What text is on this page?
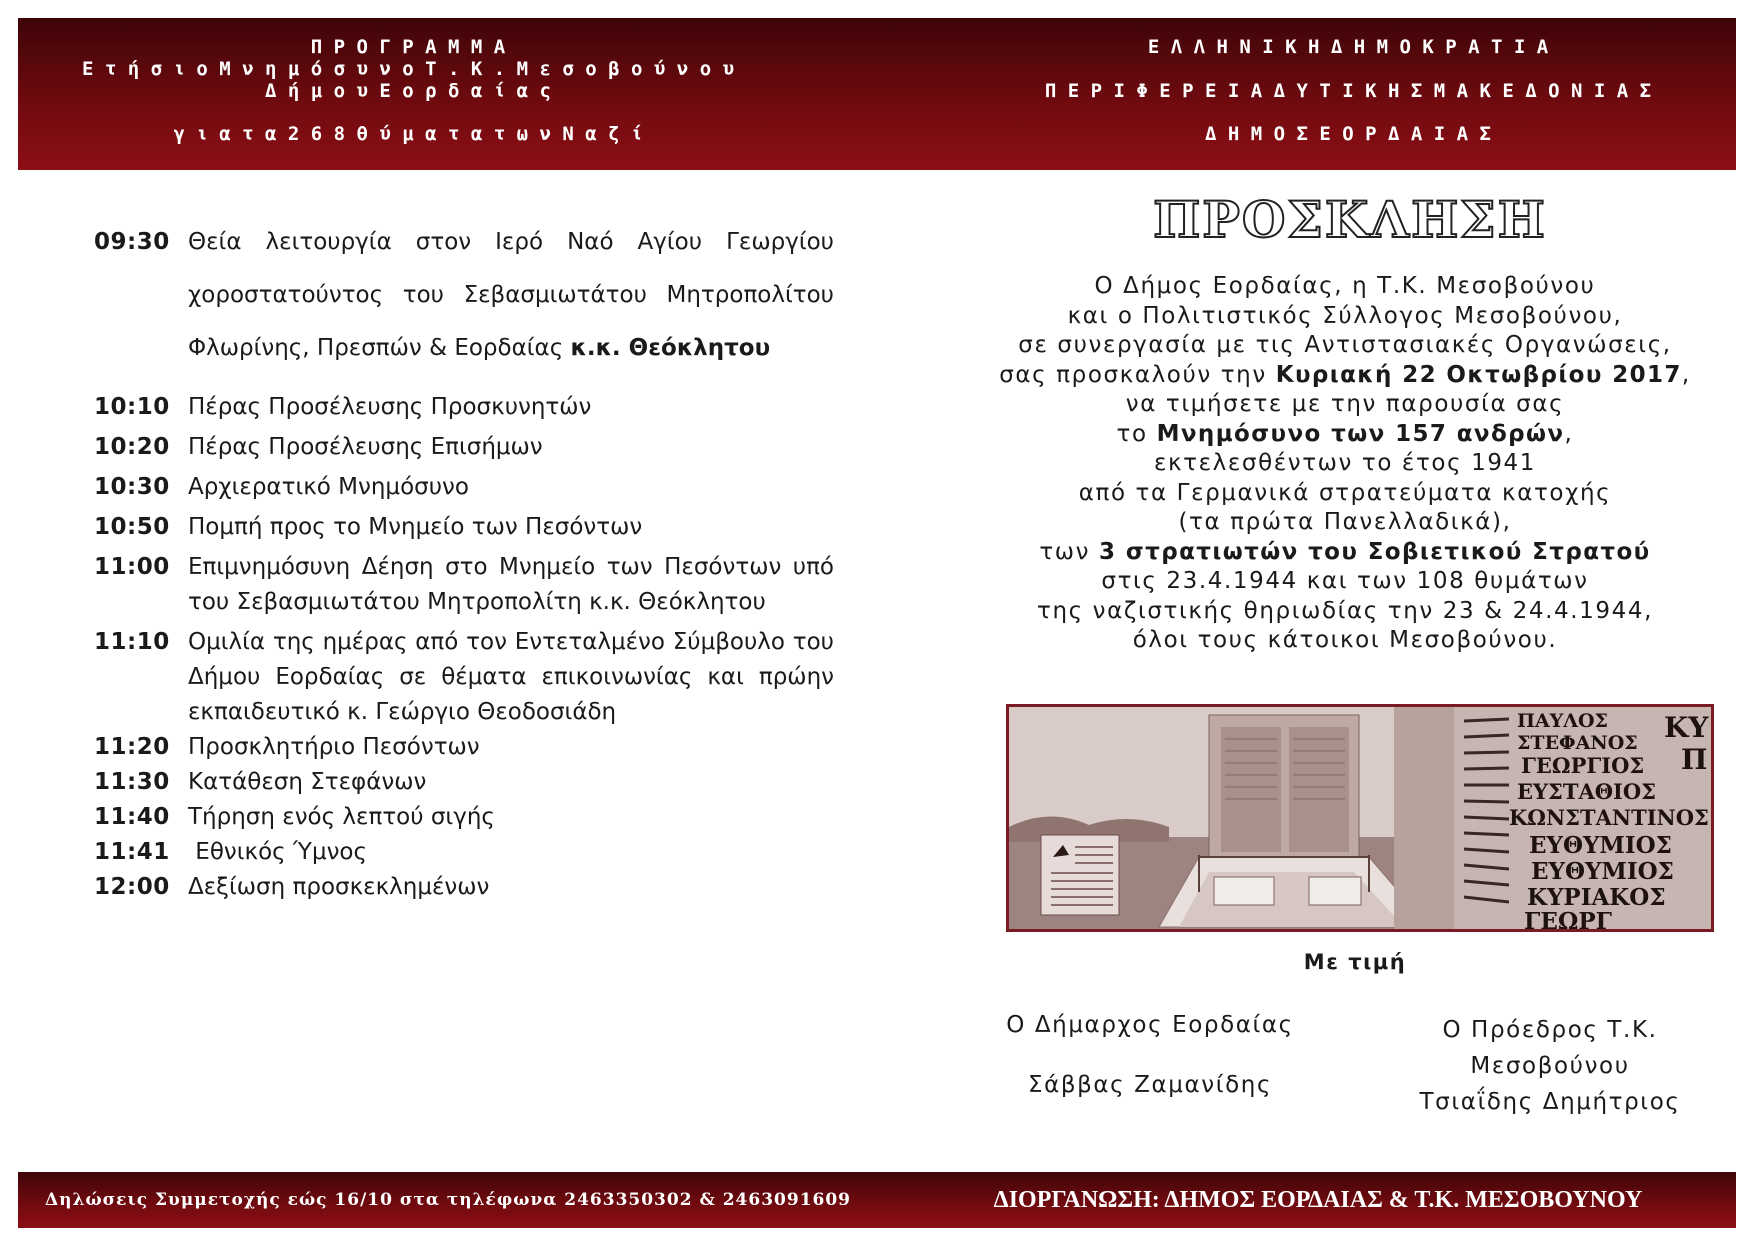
Π Ρ Ο Γ Ρ Α Μ Μ Α
Ε τ ή σ ι ο Μ ν η μ ό σ υ ν ο Τ . Κ . Μ ε σ ο β ο ύ ν ο υ
Δ ή μ ο υ Ε ο ρ δ α ί α ς
γ ι α τ α 2 6 8 θ ύ μ α τ α τ ω ν Ν α ζ ί
Ε Λ Λ Η Ν Ι Κ Η Δ Η Μ Ο Κ Ρ Α Τ Ι Α
Π Ε Ρ Ι Φ Ε Ρ Ε Ι Α Δ Υ Τ Ι Κ Η Σ Μ Α Κ Ε Δ Ο Ν Ι Α Σ
Δ Η Μ Ο Σ Ε Ο Ρ Δ Α Ι Α Σ
09:30 Θεία λειτουργία στον Ιερό Ναό Αγίου Γεωργίου
χοροστατούντος του Σεβασμιωτάτου Μητροπολίτου
Φλωρίνης, Πρεσπών & Εορδαίας κ.κ. Θεόκλητου
10:10 Πέρας Προσέλευσης Προσκυνητών
10:20 Πέρας Προσέλευσης Επισήμων
10:30 Αρχιερατικό Μνημόσυνο
10:50 Πομπή προς το Μνημείο των Πεσόντων
11:00 Επιμνημόσυνη Δέηση στο Μνημείο των Πεσόντων υπό του Σεβασμιωτάτου Μητροπολίτη κ.κ. Θεόκλητου
11:10 Ομιλία της ημέρας από τον Εντεταλμένο Σύμβουλο του Δήμου Εορδαίας σε θέματα επικοινωνίας και πρώην εκπαιδευτικό κ. Γεώργιο Θεοδοσιάδη
11:20 Προσκλητήριο Πεσόντων
11:30 Κατάθεση Στεφάνων
11:40 Τήρηση ενός λεπτού σιγής
11:41 Εθνικός Ύμνος
12:00 Δεξίωση προσκεκλημένων
ΠΡΟΣΚΛΗΣΗ
Ο Δήμος Εορδαίας, η Τ.Κ. Μεσοβούνου
και ο Πολιτιστικός Σύλλογος Μεσοβούνου,
σε συνεργασία με τις Αντιστασιακές Οργανώσεις,
σας προσκαλούν την Κυριακή 22 Οκτωβρίου 2017,
να τιμήσετε με την παρουσία σας
το Μνημόσυνο των 157 ανδρών,
εκτελεσθέντων το έτος 1941
από τα Γερμανικά στρατεύματα κατοχής
(τα πρώτα Πανελλαδικά),
των 3 στρατιωτών του Σοβιετικού Στρατού
στις 23.4.1944 και των 108 θυμάτων
της ναζιστικής θηριωδίας την 23 & 24.4.1944,
όλοι τους κάτοικοι Μεσοβούνου.
ΠΑΥΛΟΣ
ΣΤΕΦΑΝΟΣ
ΓΕΩΡΓΙΟΣ
ΕΥΣΤΑΘΙΟΣ
ΚΩΝΣΤΑΝΤΙΝΟΣ
ΕΥΘΥΜΙΟΣ
ΕΥΘΥΜΙΟΣ
ΚΥΡΙΑΚΟΣ
ΓΕΩΡΓ
ΚΥ
Π
Με τιμή
Ο Δήμαρχος Εορδαίας
Σάββας Ζαμανίδης
Ο Πρόεδρος Τ.Κ.
Μεσοβούνου
Τσιαΐδης Δημήτριος
Δηλώσεις Συμμετοχής εώς 16/10 στα τηλέφωνα 2463350302 & 2463091609	ΔΙΟΡΓΑΝΩΣΗ: ΔΗΜΟΣ ΕΟΡΔΑΙΑΣ & Τ.Κ. ΜΕΣΟΒΟΥΝΟΥ
